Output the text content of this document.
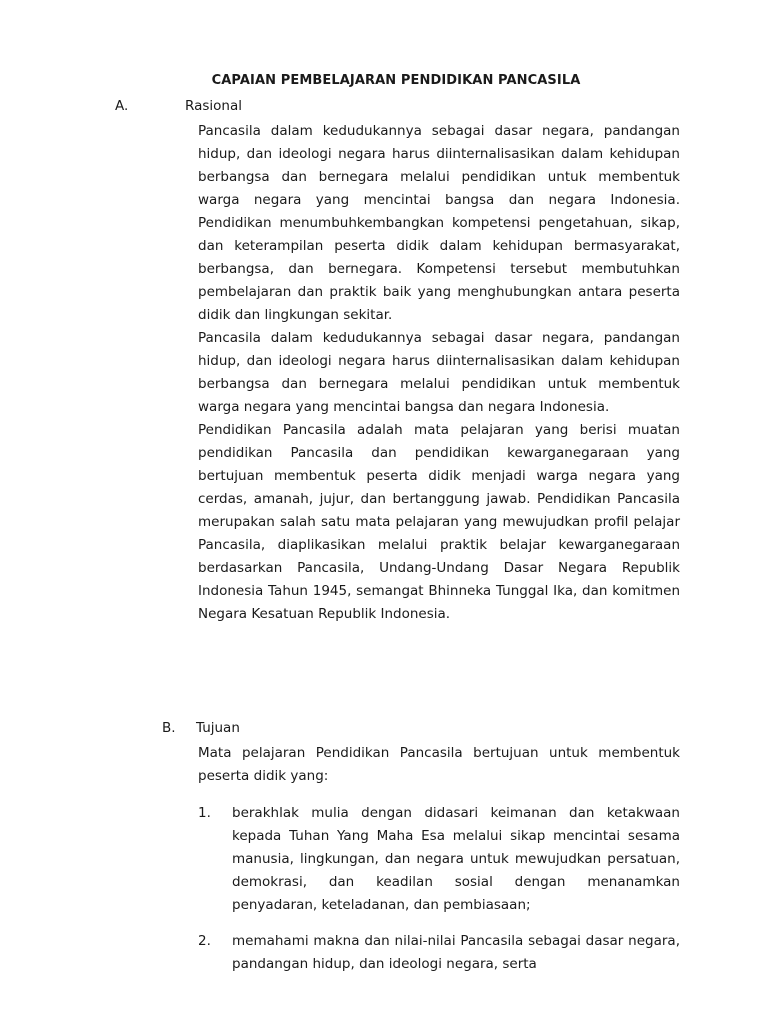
CAPAIAN PEMBELAJARAN PENDIDIKAN PANCASILA
A.	Rasional

Pancasila dalam kedudukannya sebagai dasar negara, pandangan hidup, dan ideologi negara harus diinternalisasikan dalam kehidupan berbangsa dan bernegara melalui pendidikan untuk membentuk warga negara yang mencintai bangsa dan negara Indonesia. Pendidikan menumbuhkembangkan kompetensi pengetahuan, sikap, dan keterampilan peserta didik dalam kehidupan bermasyarakat, berbangsa, dan bernegara. Kompetensi tersebut membutuhkan pembelajaran dan praktik baik yang menghubungkan antara peserta didik dan lingkungan sekitar.

Pancasila dalam kedudukannya sebagai dasar negara, pandangan hidup, dan ideologi negara harus diinternalisasikan dalam kehidupan berbangsa dan bernegara melalui pendidikan untuk membentuk warga negara yang mencintai bangsa dan negara Indonesia.

Pendidikan Pancasila adalah mata pelajaran yang berisi muatan pendidikan Pancasila dan pendidikan kewarganegaraan yang bertujuan membentuk peserta didik menjadi warga negara yang cerdas, amanah, jujur, dan bertanggung jawab. Pendidikan Pancasila merupakan salah satu mata pelajaran yang mewujudkan profil pelajar Pancasila, diaplikasikan melalui praktik belajar kewarganegaraan berdasarkan Pancasila, Undang-Undang Dasar Negara Republik Indonesia Tahun 1945, semangat Bhinneka Tunggal Ika, dan komitmen Negara Kesatuan Republik Indonesia.

B. Tujuan

Mata pelajaran Pendidikan Pancasila bertujuan untuk membentuk peserta didik yang:

1. berakhlak mulia dengan didasari keimanan dan ketakwaan kepada Tuhan Yang Maha Esa melalui sikap mencintai sesama manusia, lingkungan, dan negara untuk mewujudkan persatuan, demokrasi, dan keadilan sosial dengan menanamkan penyadaran, keteladanan, dan pembiasaan;

2. memahami makna dan nilai-nilai Pancasila sebagai dasar negara, pandangan hidup, dan ideologi negara, serta
